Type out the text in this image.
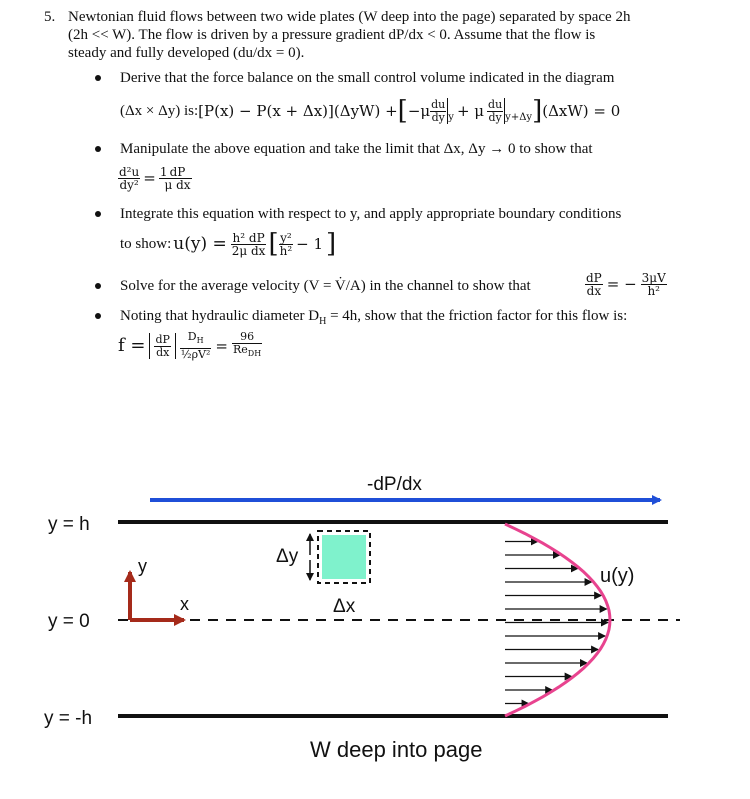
5. Newtonian fluid flows between two wide plates (W deep into the page) separated by space 2h
(2h << W). The flow is driven by a pressure gradient dP/dx < 0. Assume that the flow is
steady and fully developed (du/dx = 0).
Derive that the force balance on the small control volume indicated in the diagram
(Δx × Δy) is: [P(x) − P(x + Δx)](ΔyW) + [ $-\mu \frac{du}{dy}$ y + μ $\frac{du}{dy} y+\Delta y$ ] (ΔxW) = 0
Manipulate the above equation and take the limit that Δx, Δy → 0 to show that
$\frac{\text{d²u}}{\text{dy²}} = 1$

$\frac{dP}{\text{μ dx}}$
Integrate this equation with respect to y, and apply appropriate boundary conditions
to show: $u(y) = \frac{\text{h² dP}}{\text{2μ dx}}$ [ $\frac{\text{y²}}{\text{h²}} - 1$ ]
Solve for the average velocity (V = V̇/A) in the channel to show that	$\frac{dP}{dx}$ = − $\frac{3\mu V}{\text{h²}}$
Noting that hydraulic diameter $D_H = 4h$, show that the friction factor for this flow is:
$f = \frac{dP}{dx} \frac{D_H}{\text{½ρV²}} = \frac{96}{Re_{DH}}$
-dP/dx
y = h
y = 0
y = -h
y
x
Δy
Δx
u(y)
W deep into page
